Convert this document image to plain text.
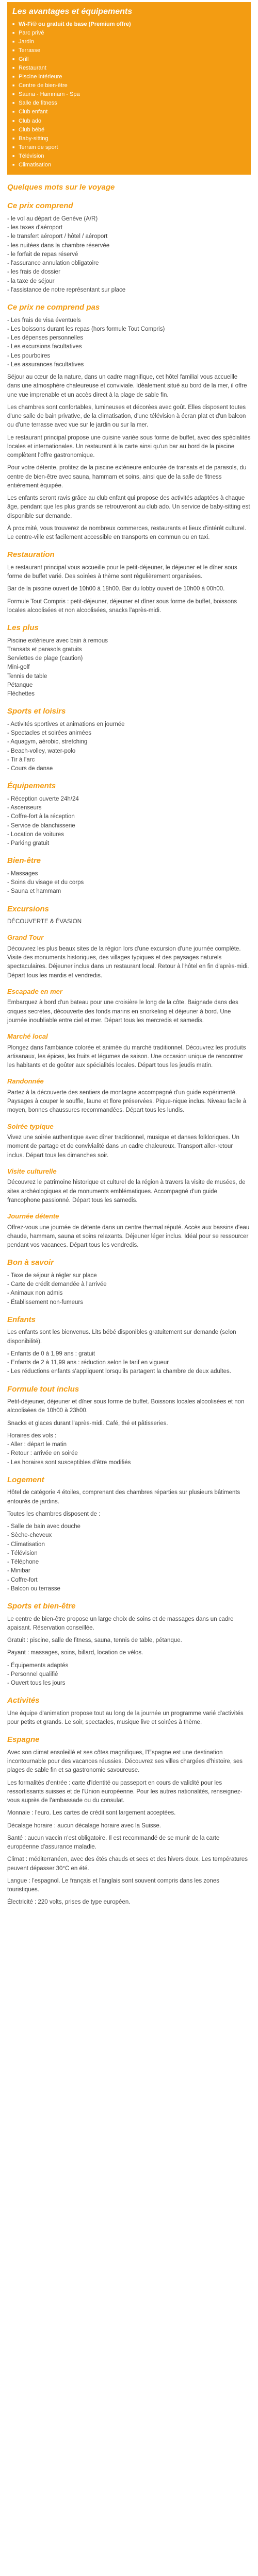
Les avantages et équipements
■ Wi-Fi® ou gratuit de base (Premium offre)
■ Parc privé
■ Jardin
■ Terrasse
■ Grill
■ Restaurant
■ Piscine intérieure
■ Centre de bien-être
■ Sauna - Hammam - Spa
■ Salle de fitness
■ Club enfant
■ Club ado
■ Club bébé
■ Baby-sitting
■ Terrain de sport
■ Télévision
■ Climatisation
Quelques mots sur le voyage
Ce prix comprend
- le vol au départ de Genève (A/R)
- les taxes d'aéroport
- le transfert aéroport / hôtel / aéroport
- les nuitées dans la chambre réservée
- le forfait de repas réservé
- l'assurance annulation obligatoire
- les frais de dossier
- la taxe de séjour
- l'assistance de notre représentant sur place
Ce prix ne comprend pas
- Les frais de visa éventuels
- Les boissons durant les repas (hors formule Tout Compris)
- Les dépenses personnelles
- Les excursions facultatives
- Les pourboires
- Les assurances facultatives

Séjour au cœur de la nature, dans un cadre magnifique, cet hôtel familial vous accueille dans une atmosphère chaleureuse et conviviale. Idéalement situé au bord de la mer, il offre une vue imprenable et un accès direct à la plage de sable fin.

Les chambres sont confortables, lumineuses et décorées avec goût. Elles disposent toutes d'une salle de bain privative, de la climatisation, d'une télévision à écran plat et d'un balcon ou d'une terrasse avec vue sur le jardin ou sur la mer.

Le restaurant principal propose une cuisine variée sous forme de buffet, avec des spécialités locales et internationales. Un restaurant à la carte ainsi qu'un bar au bord de la piscine complètent l'offre gastronomique.

Pour votre détente, profitez de la piscine extérieure entourée de transats et de parasols, du centre de bien-être avec sauna, hammam et soins, ainsi que de la salle de fitness entièrement équipée.

Les enfants seront ravis grâce au club enfant qui propose des activités adaptées à chaque âge, pendant que les plus grands se retrouveront au club ado. Un service de baby-sitting est disponible sur demande.

À proximité, vous trouverez de nombreux commerces, restaurants et lieux d'intérêt culturel. Le centre-ville est facilement accessible en transports en commun ou en taxi.

Restauration

Le restaurant principal vous accueille pour le petit-déjeuner, le déjeuner et le dîner sous forme de buffet varié. Des soirées à thème sont régulièrement organisées.

Bar de la piscine ouvert de 10h00 à 18h00. Bar du lobby ouvert de 10h00 à 00h00.

Formule Tout Compris : petit-déjeuner, déjeuner et dîner sous forme de buffet, boissons locales alcoolisées et non alcoolisées, snacks l'après-midi.

Les plus
Piscine extérieure avec bain à remous
Transats et parasols gratuits
Serviettes de plage (caution)
Mini-golf
Tennis de table
Pétanque
Fléchettes
Sports et loisirs
- Activités sportives et animations en journée
- Spectacles et soirées animées
- Aquagym, aérobic, stretching
- Beach-volley, water-polo
- Tir à l'arc
- Cours de danse
Équipements
- Réception ouverte 24h/24
- Ascenseurs
- Coffre-fort à la réception
- Service de blanchisserie
- Location de voitures
- Parking gratuit
Bien-être
- Massages
- Soins du visage et du corps
- Sauna et hammam
Excursions

DÉCOUVERTE & ÉVASION

Grand Tour

Découvrez les plus beaux sites de la région lors d'une excursion d'une journée complète. Visite des monuments historiques, des villages typiques et des paysages naturels spectaculaires. Déjeuner inclus dans un restaurant local. Retour à l'hôtel en fin d'après-midi. Départ tous les mardis et vendredis.

Escapade en mer

Embarquez à bord d'un bateau pour une croisière le long de la côte. Baignade dans des criques secrètes, découverte des fonds marins en snorkeling et déjeuner à bord. Une journée inoubliable entre ciel et mer. Départ tous les mercredis et samedis.

Marché local

Plongez dans l'ambiance colorée et animée du marché traditionnel. Découvrez les produits artisanaux, les épices, les fruits et légumes de saison. Une occasion unique de rencontrer les habitants et de goûter aux spécialités locales. Départ tous les jeudis matin.

Randonnée

Partez à la découverte des sentiers de montagne accompagné d'un guide expérimenté. Paysages à couper le souffle, faune et flore préservées. Pique-nique inclus. Niveau facile à moyen, bonnes chaussures recommandées. Départ tous les lundis.

Soirée typique

Vivez une soirée authentique avec dîner traditionnel, musique et danses folkloriques. Un moment de partage et de convivialité dans un cadre chaleureux. Transport aller-retour inclus. Départ tous les dimanches soir.

Visite culturelle

Découvrez le patrimoine historique et culturel de la région à travers la visite de musées, de sites archéologiques et de monuments emblématiques. Accompagné d'un guide francophone passionné. Départ tous les samedis.

Journée détente

Offrez-vous une journée de détente dans un centre thermal réputé. Accès aux bassins d'eau chaude, hammam, sauna et soins relaxants. Déjeuner léger inclus. Idéal pour se ressourcer pendant vos vacances. Départ tous les vendredis.

Bon à savoir
- Taxe de séjour à régler sur place
- Carte de crédit demandée à l'arrivée
- Animaux non admis
- Établissement non-fumeurs
Enfants

Les enfants sont les bienvenus. Lits bébé disponibles gratuitement sur demande (selon disponibilité).

- Enfants de 0 à 1,99 ans : gratuit
- Enfants de 2 à 11,99 ans : réduction selon le tarif en vigueur
- Les réductions enfants s'appliquent lorsqu'ils partagent la chambre de deux adultes.
Formule tout inclus

Petit-déjeuner, déjeuner et dîner sous forme de buffet. Boissons locales alcoolisées et non alcoolisées de 10h00 à 23h00.

Snacks et glaces durant l'après-midi. Café, thé et pâtisseries.

Horaires des vols :
- Aller : départ le matin
- Retour : arrivée en soirée
- Les horaires sont susceptibles d'être modifiés
Logement

Hôtel de catégorie 4 étoiles, comprenant des chambres réparties sur plusieurs bâtiments entourés de jardins.

Toutes les chambres disposent de :

- Salle de bain avec douche
- Sèche-cheveux
- Climatisation
- Télévision
- Téléphone
- Minibar
- Coffre-fort
- Balcon ou terrasse
Sports et bien-être

Le centre de bien-être propose un large choix de soins et de massages dans un cadre apaisant. Réservation conseillée.

Gratuit : piscine, salle de fitness, sauna, tennis de table, pétanque.

Payant : massages, soins, billard, location de vélos.

- Équipements adaptés
- Personnel qualifié
- Ouvert tous les jours
Activités

Une équipe d'animation propose tout au long de la journée un programme varié d'activités pour petits et grands. Le soir, spectacles, musique live et soirées à thème.

Espagne

Avec son climat ensoleillé et ses côtes magnifiques, l'Espagne est une destination incontournable pour des vacances réussies. Découvrez ses villes chargées d'histoire, ses plages de sable fin et sa gastronomie savoureuse.

Les formalités d'entrée : carte d'identité ou passeport en cours de validité pour les ressortissants suisses et de l'Union européenne. Pour les autres nationalités, renseignez-vous auprès de l'ambassade ou du consulat.

Monnaie : l'euro. Les cartes de crédit sont largement acceptées.

Décalage horaire : aucun décalage horaire avec la Suisse.

Santé : aucun vaccin n'est obligatoire. Il est recommandé de se munir de la carte européenne d'assurance maladie.

Climat : méditerranéen, avec des étés chauds et secs et des hivers doux. Les températures peuvent dépasser 30°C en été.

Langue : l'espagnol. Le français et l'anglais sont souvent compris dans les zones touristiques.

Électricité : 220 volts, prises de type européen.
